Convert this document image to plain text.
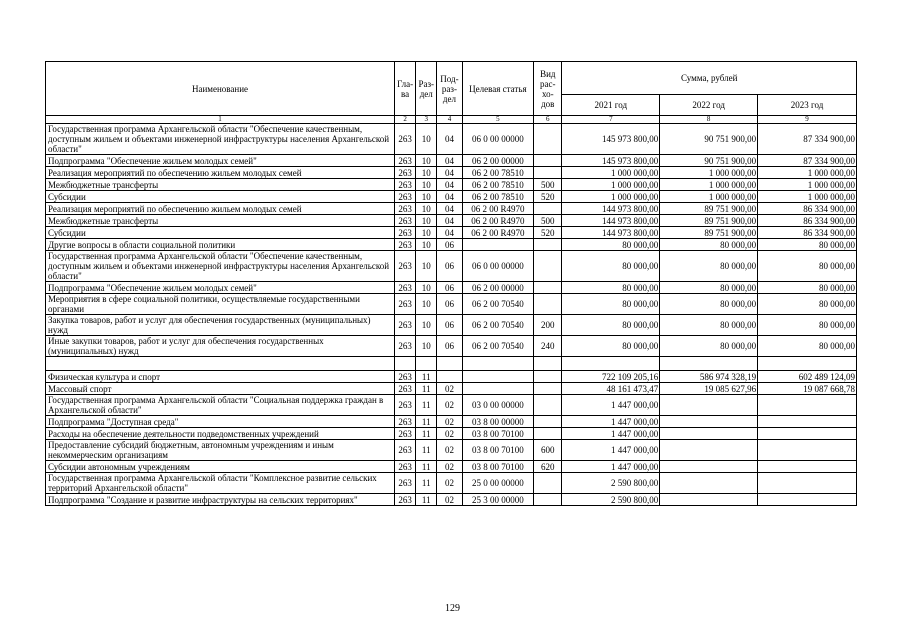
Наименование	Гла-ва	Раз-дел	Под-раз-дел	Целевая статья	Вид рас-хо-дов	Сумма, рублей		
						2021 год	2022 год	2023 год
1	2	3	4	5	6	7	8	9
Государственная программа Архангельской области "Обеспечение качественным, доступным жильем и объектами инженерной инфраструктуры населения Архангельской области"	263	10	04	06 0 00 00000		145 973 800,00	90 751 900,00	87 334 900,00
Подпрограмма "Обеспечение жильем молодых семей"	263	10	04	06 2 00 00000		145 973 800,00	90 751 900,00	87 334 900,00
Реализация мероприятий по обеспечению жильем молодых семей	263	10	04	06 2 00 78510		1 000 000,00	1 000 000,00	1 000 000,00
Межбюджетные трансферты	263	10	04	06 2 00 78510	500	1 000 000,00	1 000 000,00	1 000 000,00
Субсидии	263	10	04	06 2 00 78510	520	1 000 000,00	1 000 000,00	1 000 000,00
Реализация мероприятий по обеспечению жильем молодых семей	263	10	04	06 2 00 R4970		144 973 800,00	89 751 900,00	86 334 900,00
Межбюджетные трансферты	263	10	04	06 2 00 R4970	500	144 973 800,00	89 751 900,00	86 334 900,00
Субсидии	263	10	04	06 2 00 R4970	520	144 973 800,00	89 751 900,00	86 334 900,00
Другие вопросы в области социальной политики	263	10	06			80 000,00	80 000,00	80 000,00
Государственная программа Архангельской области "Обеспечение качественным, доступным жильем и объектами инженерной инфраструктуры населения Архангельской области"	263	10	06	06 0 00 00000		80 000,00	80 000,00	80 000,00
Подпрограмма "Обеспечение жильем молодых семей"	263	10	06	06 2 00 00000		80 000,00	80 000,00	80 000,00
Мероприятия в сфере социальной политики, осуществляемые государственными органами	263	10	06	06 2 00 70540		80 000,00	80 000,00	80 000,00
Закупка товаров, работ и услуг для обеспечения государственных (муниципальных) нужд	263	10	06	06 2 00 70540	200	80 000,00	80 000,00	80 000,00
Иные закупки товаров, работ и услуг для обеспечения государственных (муниципальных) нужд	263	10	06	06 2 00 70540	240	80 000,00	80 000,00	80 000,00

Физическая культура и спорт	263	11				722 109 205,16	586 974 328,19	602 489 124,09
Массовый спорт	263	11	02			48 161 473,47	19 085 627,96	19 087 668,78
Государственная программа Архангельской области "Социальная поддержка граждан в Архангельской области"	263	11	02	03 0 00 00000		1 447 000,00		
Подпрограмма "Доступная среда"	263	11	02	03 8 00 00000		1 447 000,00		
Расходы на обеспечение деятельности подведомственных учреждений	263	11	02	03 8 00 70100		1 447 000,00		
Предоставление субсидий бюджетным, автономным учреждениям и иным некоммерческим организациям	263	11	02	03 8 00 70100	600	1 447 000,00		
Субсидии автономным учреждениям	263	11	02	03 8 00 70100	620	1 447 000,00		
Государственная программа Архангельской области "Комплексное развитие сельских территорий Архангельской области"	263	11	02	25 0 00 00000		2 590 800,00		
Подпрограмма "Создание и развитие инфраструктуры на сельских территориях"	263	11	02	25 3 00 00000		2 590 800,00		
129
